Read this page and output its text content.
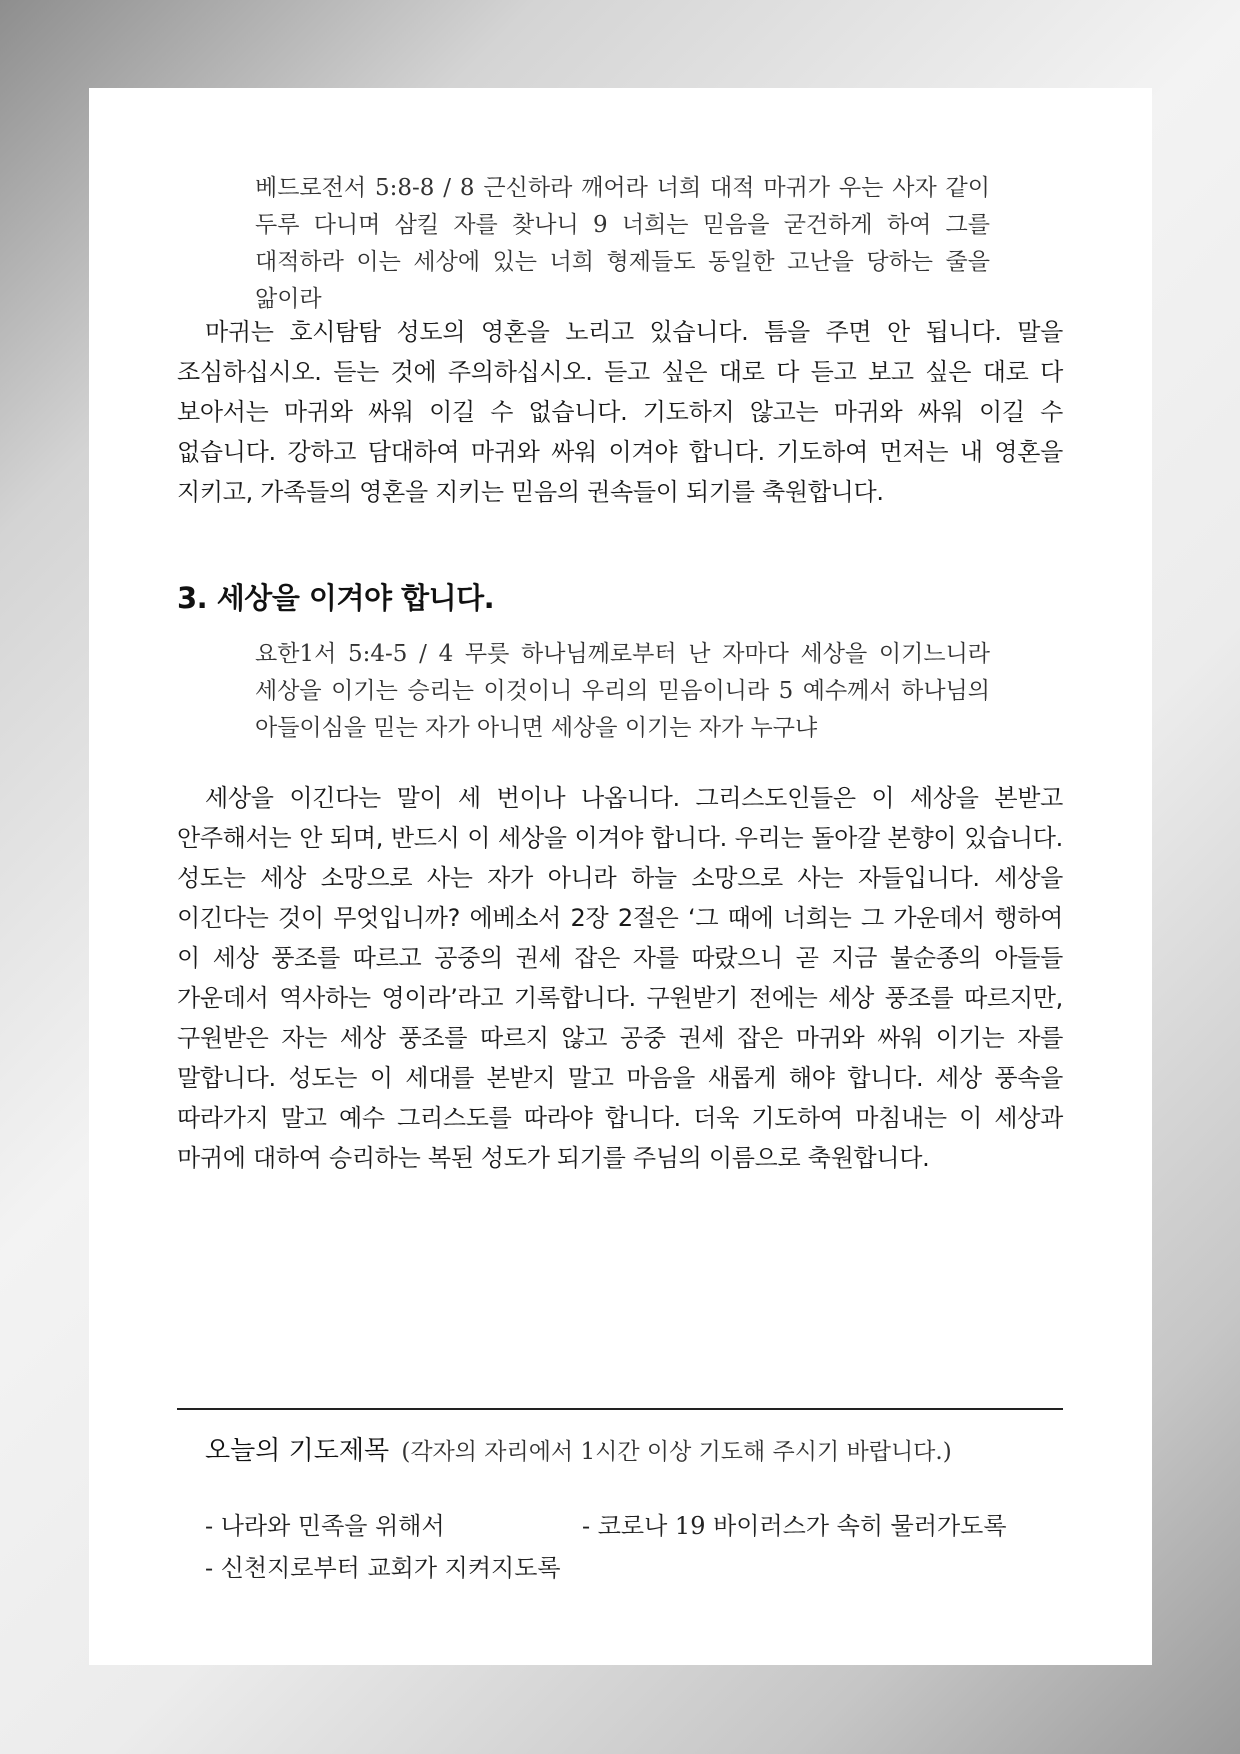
베드로전서 5:8-8 / 8 근신하라 깨어라 너희 대적 마귀가 우는 사자 같이 두루 다니며 삼킬 자를 찾나니 9 너희는 믿음을 굳건하게 하여 그를 대적하라 이는 세상에 있는 너희 형제들도 동일한 고난을 당하는 줄을 앎이라
마귀는 호시탐탐 성도의 영혼을 노리고 있습니다. 틈을 주면 안 됩니다. 말을 조심하십시오. 듣는 것에 주의하십시오. 듣고 싶은 대로 다 듣고 보고 싶은 대로 다 보아서는 마귀와 싸워 이길 수 없습니다. 기도하지 않고는 마귀와 싸워 이길 수 없습니다. 강하고 담대하여 마귀와 싸워 이겨야 합니다. 기도하여 먼저는 내 영혼을 지키고, 가족들의 영혼을 지키는 믿음의 권속들이 되기를 축원합니다.
3. 세상을 이겨야 합니다.
요한1서 5:4-5 / 4 무릇 하나님께로부터 난 자마다 세상을 이기느니라 세상을 이기는 승리는 이것이니 우리의 믿음이니라 5 예수께서 하나님의 아들이심을 믿는 자가 아니면 세상을 이기는 자가 누구냐
세상을 이긴다는 말이 세 번이나 나옵니다. 그리스도인들은 이 세상을 본받고 안주해서는 안 되며, 반드시 이 세상을 이겨야 합니다. 우리는 돌아갈 본향이 있습니다. 성도는 세상 소망으로 사는 자가 아니라 하늘 소망으로 사는 자들입니다. 세상을 이긴다는 것이 무엇입니까? 에베소서 2장 2절은 ‘그 때에 너희는 그 가운데서 행하여 이 세상 풍조를 따르고 공중의 권세 잡은 자를 따랐으니 곧 지금 불순종의 아들들 가운데서 역사하는 영이라’라고 기록합니다. 구원받기 전에는 세상 풍조를 따르지만, 구원받은 자는 세상 풍조를 따르지 않고 공중 권세 잡은 마귀와 싸워 이기는 자를 말합니다. 성도는 이 세대를 본받지 말고 마음을 새롭게 해야 합니다. 세상 풍속을 따라가지 말고 예수 그리스도를 따라야 합니다. 더욱 기도하여 마침내는 이 세상과 마귀에 대하여 승리하는 복된 성도가 되기를 주님의 이름으로 축원합니다.
오늘의 기도제목 (각자의 자리에서 1시간 이상 기도해 주시기 바랍니다.)
- 나라와 민족을 위해서	- 코로나 19 바이러스가 속히 물러가도록
- 신천지로부터 교회가 지켜지도록
